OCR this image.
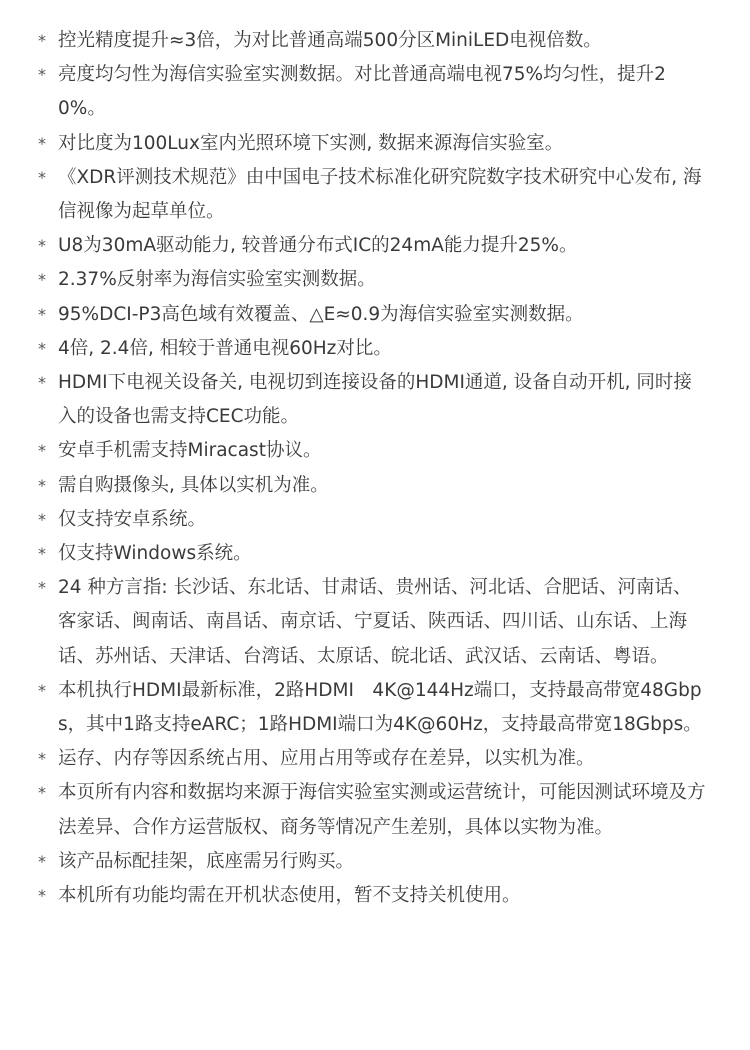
* 控光精度提升≈3倍，为对比普通高端500分区MiniLED电视倍数。
* 亮度均匀性为海信实验室实测数据。对比普通高端电视75%均匀性，提升20%。
* 对比度为100Lux室内光照环境下实测, 数据来源海信实验室。
* 《XDR评测技术规范》由中国电子技术标准化研究院数字技术研究中心发布, 海信视像为起草单位。
* U8为30mA驱动能力, 较普通分布式IC的24mA能力提升25%。
* 2.37%反射率为海信实验室实测数据。
* 95%DCI-P3高色域有效覆盖、△E≈0.9为海信实验室实测数据。
* 4倍, 2.4倍, 相较于普通电视60Hz对比。
* HDMI下电视关设备关, 电视切到连接设备的HDMI通道, 设备自动开机, 同时接入的设备也需支持CEC功能。
* 安卓手机需支持Miracast协议。
* 需自购摄像头, 具体以实机为准。
* 仅支持安卓系统。
* 仅支持Windows系统。
* 24 种方言指: 长沙话、东北话、甘肃话、贵州话、河北话、合肥话、河南话、客家话、闽南话、南昌话、南京话、宁夏话、陕西话、四川话、山东话、上海话、苏州话、天津话、台湾话、太原话、皖北话、武汉话、云南话、粤语。
* 本机执行HDMI最新标准，2路HDMI　4K@144Hz端口，支持最高带宽48Gbps，其中1路支持eARC；1路HDMI端口为4K@60Hz，支持最高带宽18Gbps。
* 运存、内存等因系统占用、应用占用等或存在差异，以实机为准。
* 本页所有内容和数据均来源于海信实验室实测或运营统计，可能因测试环境及方法差异、合作方运营版权、商务等情况产生差别，具体以实物为准。
* 该产品标配挂架，底座需另行购买。
* 本机所有功能均需在开机状态使用，暂不支持关机使用。
